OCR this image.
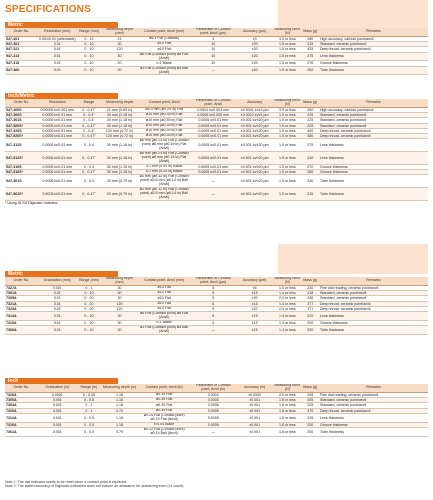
SPECIFICATIONS
Metric
Order No.	Resolution (mm)	Range (mm)	Measuring depth (mm)	Contact point, Anvil (mm)	Parallelism of Contact point, Anvil (µm)	Accuracy (µm)	Measuring force (N)	Mass (g)	Remarks
547-401	0.001/0.01 (selectable)	0 - 12	21	ø6.3 Flat (Carbide)	3	±3	3.5 or less	280	High accuracy, carbide point/anvil
547-301	0.01	0 - 10	30	ø10 Flat	10	±20	1.5 or less	215	Standard, ceramic point/anvil
547-321	0.01	0 - 10	120	ø10 Flat	10	±20	1.5 or less	425	Deep throat, ceramic point/anvil
547-313	0.01	0 - 10	30	ø6 Flat (Contact point) ø8 Flat (Anvil)	10	±20	1.5 or less	275	Lens thickness
547-315	0.01	0 - 10	20	t=1 Blade	10	±20	1.5 or less	270	Groove thickness
547-360	0.01	0 - 10	20	ø3 Flat (Contact point) ø5 Ball (Anvil)	—	±20	1.5 or less	250	Tube thickness
Inch/Metric
Order No.	Resolution	Range	Measuring depth	Contact point, Anvil	Parallelism of Contact point, Anvil	Accuracy	Measuring force (N)	Mass (g)	Remarks
547-400S	0.00005 in/0.001 mm	0 - 0.47"	21 mm (0.83 in)	ø6.3 mm (ø0.25 in) Flat	0.0001 in/0.003 mm	±0.0001 in/±3 µm	3.5 or less	290	High accuracy, carbide point/anvil
547-300S	0.0005 in/0.01 mm	0 - 0.4"	30 mm (1.18 in)	ø10 mm (ø0.39 in) Flat	0.0005 in/0.005 mm	±0.0002 in/±5 µm	1.5 or less	225	Standard, ceramic point/anvil
547-301S	0.0005 in/0.01 mm	0 - 0.4"	30 mm (1.18 in)	ø10 mm (ø0.39 in) Flat	0.0005 in/0.01 mm	±0.001 in/±20 µm	1.5 or less	225	Standard, ceramic point/anvil
547-500S*	0.0005 in/0.01 mm	0 - 0.47"	30 mm (1.18 in)	ø10 mm (ø0.39 in) Flat	0.0005 in/0.01 mm	±0.001 in/±20 µm	1.5 or less	225	Standard, ceramic point/anvil
547-320S	0.0005 in/0.01 mm	0 - 0.4"	120 mm (4.72 in)	ø10 mm (ø0.39 in) Flat	0.0005 in/0.01 mm	±0.001 in/±20 µm	1.5 or less	400	Deep throat, ceramic point/anvil
547-520S*	0.0005 in/0.01 mm	0 - 0.47"	120 mm (4.72 in)	ø10 mm (ø0.39 in) Flat	0.0005 in/0.01 mm	±0.001 in/±20 µm	1.5 or less	380	Deep throat, ceramic point/anvil
547-312S	0.0005 in/0.01 mm	0 - 0.4	30 mm (1.18 in)	ø6 mm (ø0.24 in) Flat (Contact point) ø8 mm (ø0.19 in) Flat (Anvil)	0.0005 in/0.01 mm	±0.001 in/±20 µm	1.5 or less	275	Lens thickness
547-512S*	0.0005 in/0.01 mm	0 - 0.47"	30 mm (1.18 in)	ø6 mm (ø0.24 in) Flat (Contact point) ø8 mm (ø0.19 in) Flat (Anvil)	0.0005 in/0.01 mm	±0.001 in/±20 µm	1.5 or less	240	Lens thickness
547-316S	0.0005 in/0.01 mm	0 - 0.4	30 mm (1.18 in)	t=1 mm (0.04 in) Blade	0.0005 in/0.01 mm	±0.001 in/±20 µm	1.5 or less	270	Groove thickness
547-516S*	0.0005 in/0.01 mm	0 - 0.47"	30 mm (1.18 in)	t=1 mm (0.04 in) Blade	0.0005 in/0.01 mm	±0.001 in/±20 µm	1.5 or less	260	Groove thickness
547-361S	0.0005 in/0.01 mm	0 - 0.4	20 mm (0.79 in)	ø3 mm (ø0.12 in) Flat (Contact point) ø3.5 mm (ø0.14 in) Ball (Anvil)	—	±0.001 in/±20 µm	1.5 or less	240	Tube thickness
547-561S*	0.0005 in/0.01 mm	0 - 0.47"	20 mm (0.79 in)	ø3 mm (ø0.12 in) Flat (Contact point) ø3.5 mm (ø0.14 in) Ball (Anvil)	—	±0.001 in/±20 µm	1.5 or less	215	Tube thickness
* Using ID-SX Digimatic indicator.
Metric
Order No.	Graduation (mm)	Range (mm)	Measuring depth (mm)	Contact point, Anvil (mm)	Parallelism of Contact point, Anvil (µm)	Accuracy (µm)	Measuring force (N)	Mass (g)	Remarks
7327A	0.001	0 - 1	30	ø10 Flat	5	±5	1.5 or less	230	Fine dial reading, ceramic point/anvil
7301A	0.01	0 - 10	30	ø10 Flat	5	±15	1.4 or less	218	Standard, ceramic point/anvil
7305A	0.01	0 - 20	30	ø10 Flat	5	±20	2.0 or less	236	Standard, ceramic point/anvil
7321A	0.01	0 - 10	120	ø10 Flat	5	±15	1.4 or less	377	Deep throat, ceramic point/anvil
7323A	0.01	0 - 20	120	ø10 Flat	5	±22	2.0 or less	371	Deep throat, ceramic point/anvil
7313A	0.01	0 - 10	30	ø6 Flat (Contact point) ø8 Flat (Anvil)	5	±15	1.4 or less	220	Lens thickness
7315A	0.01	0 - 10	30	t=1 Blade	5	±15	1.4 or less	220	Groove thickness
7360A	0.01	0 - 10	20	ø3 Flat (Contact point) ø5 Ball (Anvil)	—	±15	1.4 or less	220	Tube thickness
Inch
Order No.	Graduation (in)	Range (in)	Measuring depth (in)	Contact point, Anvil (in)	Parallelism of Contact point, Anvil (in)	Accuracy (in)	Measuring force (N)	Mass (g)	Remarks
7326A	0.0001	0 - 0.05	1.18	ø0.39 Flat	0.0002	±0.0002	2.0 or less	205	Fine dial reading, ceramic point/anvil
7300A	0.001	0 - 0.5	1.18	ø0.39 Flat	0.0005	±0.001	1.8 or less	205	Standard, ceramic point/anvil
7304A	0.001	0 - 1	1.18	ø0.39 Flat	0.0005	±0.001	1.8 or less	225	Standard, ceramic point/anvil
7320A	0.001	0 - 1	4.72	ø0.39 Flat	0.0005	±0.001	1.8 or less	370	Deep throat, ceramic point/anvil
7312A	0.001	0 - 0.5	1.18	ø0.24 Flat (Contact point) ø0.19 Flat (Anvil)	0.0005	±0.001	1.8 or less	215	Lens thickness
7316A	0.001	0 - 0.5	1.18	t=0.04 Blade	0.0005	±0.001	1.8 or less	220	Groove thickness
7361A	0.001	0 - 0.5	0.79	ø0.12 Flat (Contact point) ø0.14 Ball (Anvil)	—	±0.001	1.8 or less	200	Tube thickness
Note 1: The dial indicator needs to be reset when a contact point is replaced.
Note 2: The stated accuracy of Digimatic indicators does not include an allowance for quantizing error (±1 count).
